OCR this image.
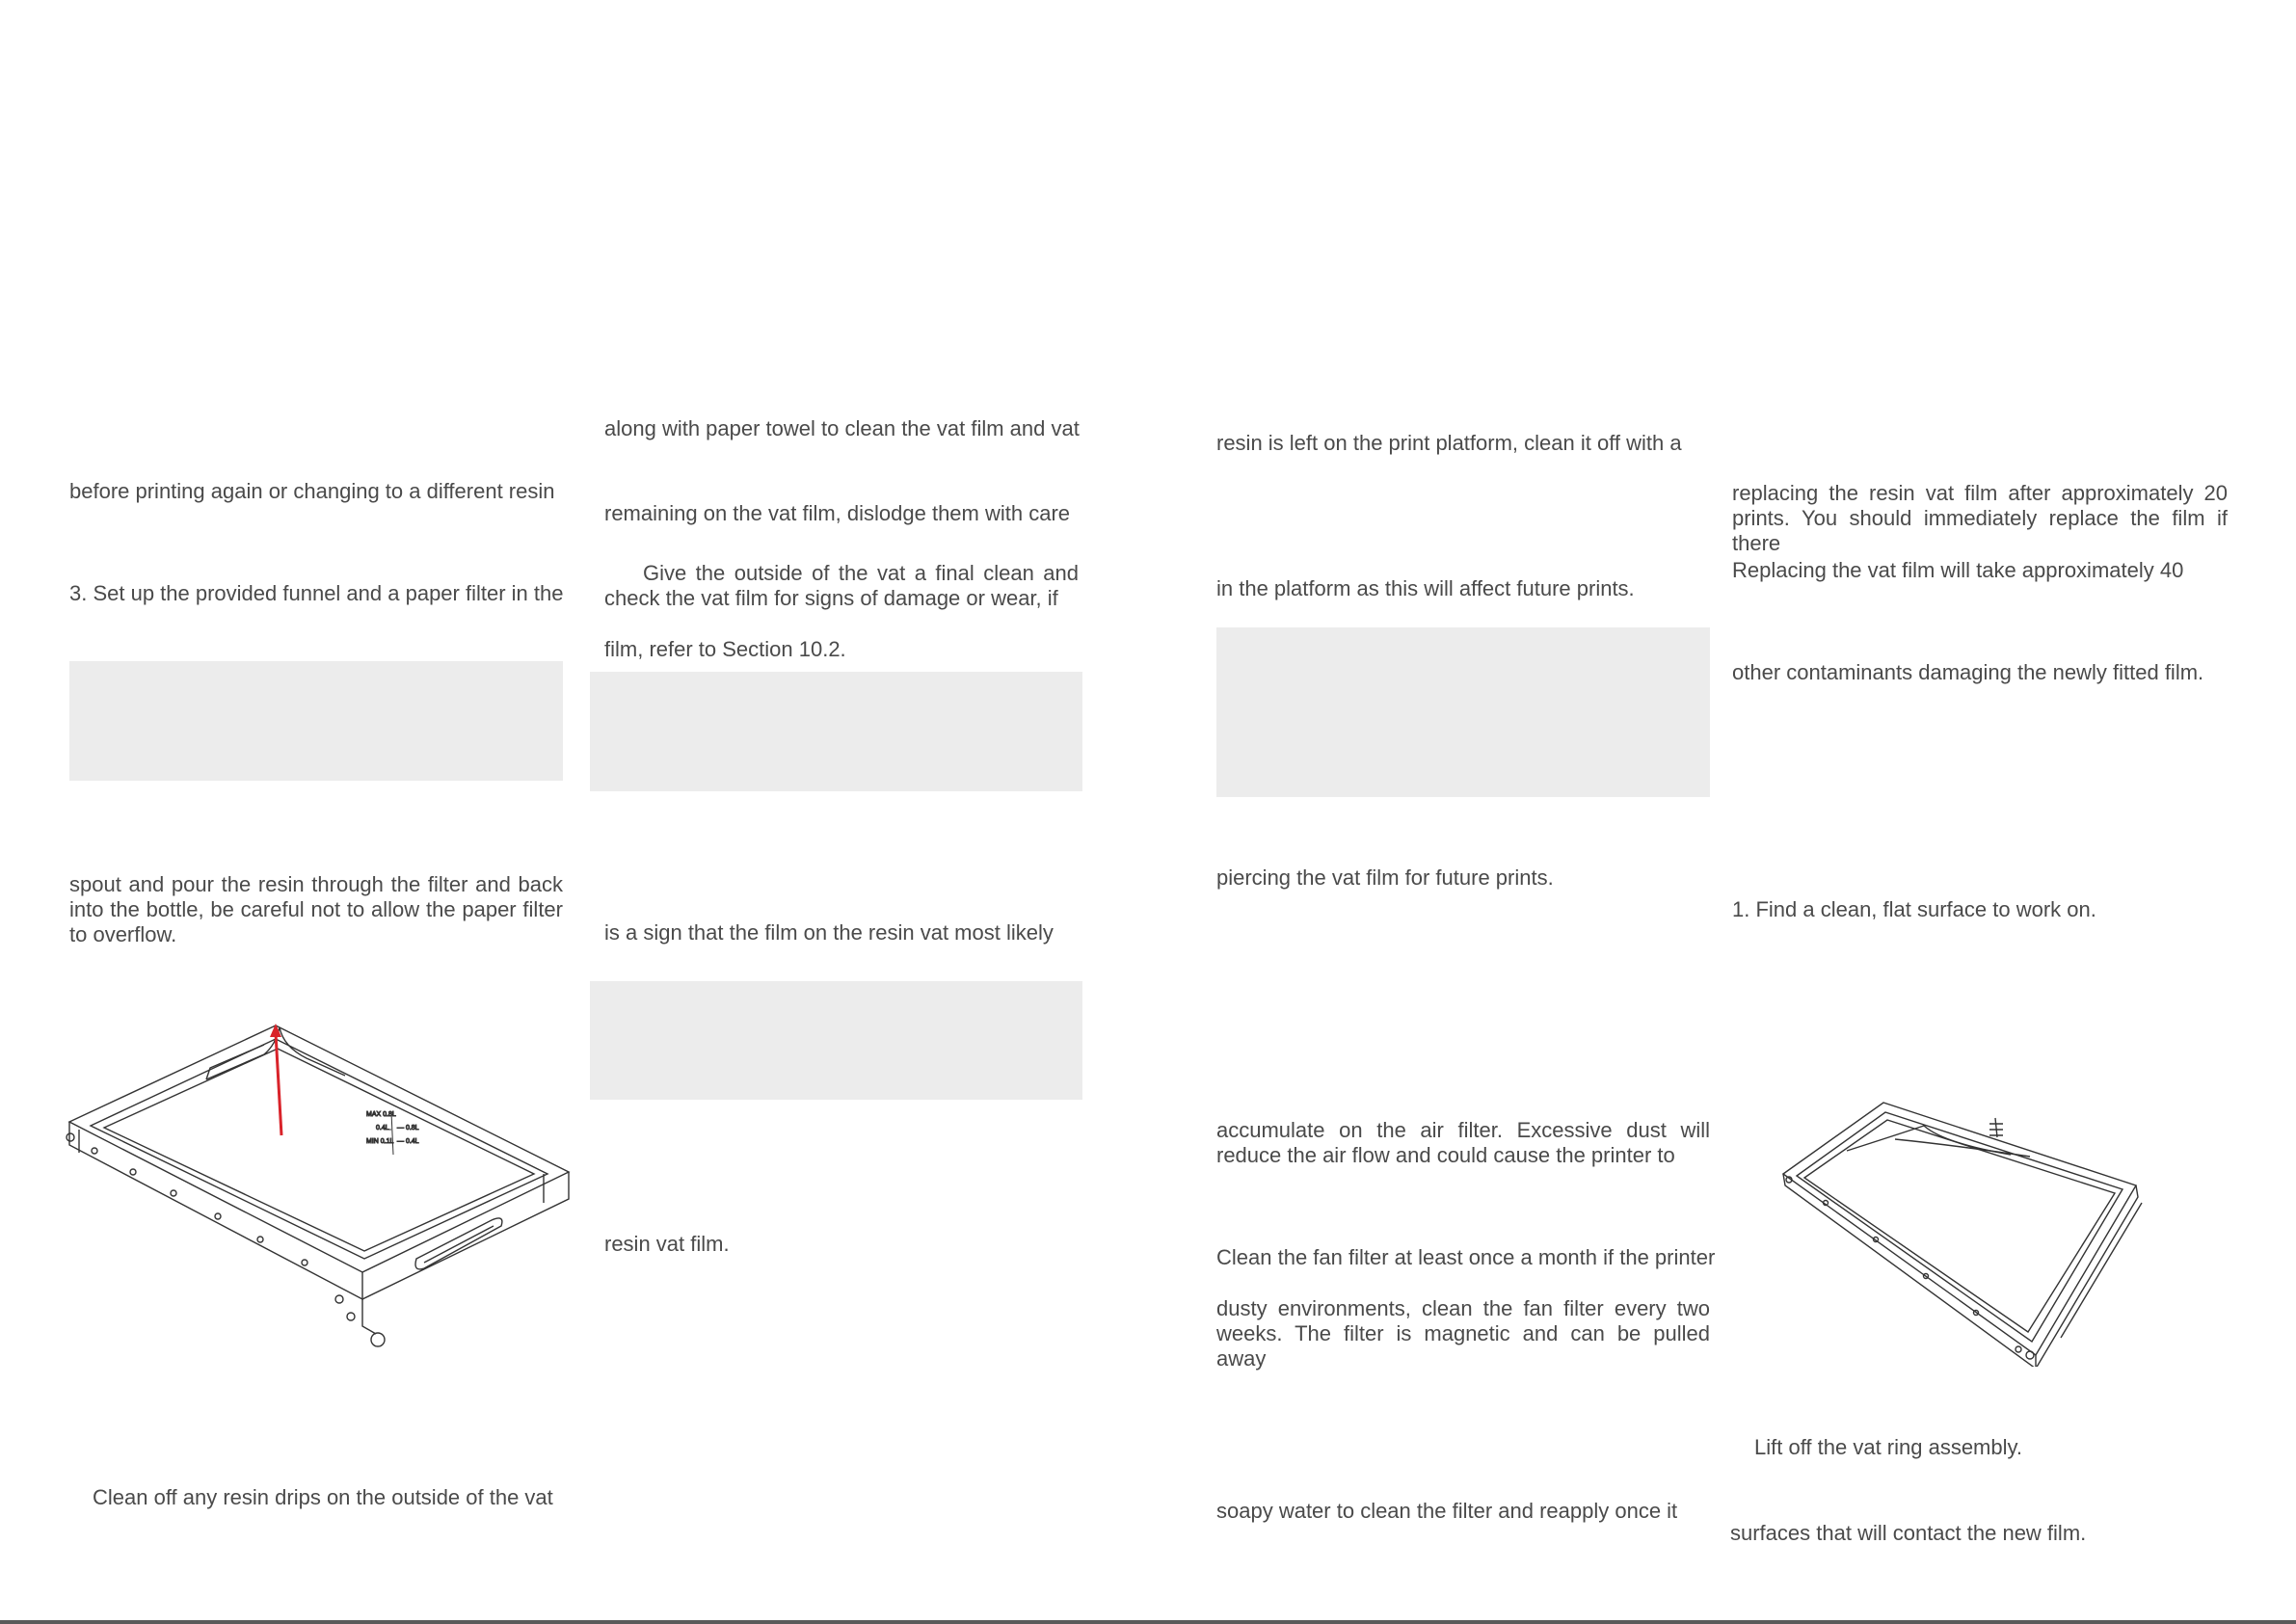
before printing again or changing to a different resin
3. Set up the provided funnel and a paper filter in the
spout and pour the resin through the filter and back into the bottle, be careful not to allow the paper filter to overflow.
MAX 0.8L
0.4L
MIN 0.1L
— 0.8L
— 0.4L
Clean off any resin drips on the outside of the vat
along with paper towel to clean the vat film and vat
remaining on the vat film, dislodge them with care
Give the outside of the vat a final clean and check the vat film for signs of damage or wear, if
film, refer to Section 10.2.
is a sign that the film on the resin vat most likely
resin vat film.
resin is left on the print platform, clean it off with a
in the platform as this will affect future prints.
piercing the vat film for future prints.
accumulate on the air filter. Excessive dust will reduce the air flow and could cause the printer to
Clean the fan filter at least once a month if the printer
dusty environments, clean the fan filter every two weeks. The filter is magnetic and can be pulled away
soapy water to clean the filter and reapply once it
replacing the resin vat film after approximately 20 prints. You should immediately replace the film if there
Replacing the vat film will take approximately 40
other contaminants damaging the newly fitted film.
1. Find a clean, flat surface to work on.
Lift off the vat ring assembly.
surfaces that will contact the new film.
